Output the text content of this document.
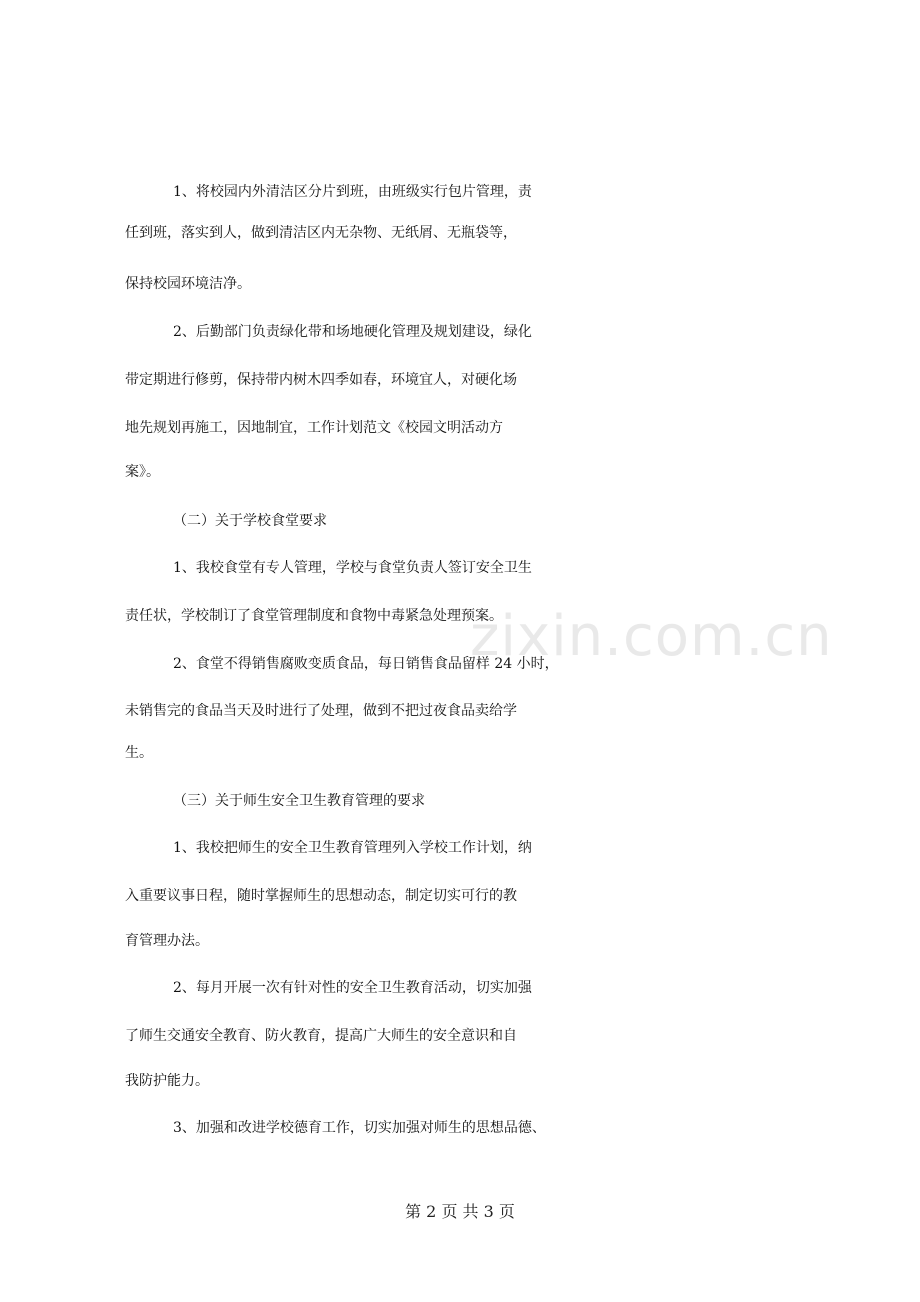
zixin.com.cn
1、将校园内外清洁区分片到班，由班级实行包片管理，责
任到班，落实到人，做到清洁区内无杂物、无纸屑、无瓶袋等，
保持校园环境洁净。
2、后勤部门负责绿化带和场地硬化管理及规划建设，绿化
带定期进行修剪，保持带内树木四季如春，环境宜人，对硬化场
地先规划再施工，因地制宜，工作计划范文《校园文明活动方
案》。
（二）关于学校食堂要求
1、我校食堂有专人管理，学校与食堂负责人签订安全卫生
责任状，学校制订了食堂管理制度和食物中毒紧急处理预案。
2、食堂不得销售腐败变质食品，每日销售食品留样 24 小时，
未销售完的食品当天及时进行了处理，做到不把过夜食品卖给学
生。
（三）关于师生安全卫生教育管理的要求
1、我校把师生的安全卫生教育管理列入学校工作计划，纳
入重要议事日程，随时掌握师生的思想动态，制定切实可行的教
育管理办法。
2、每月开展一次有针对性的安全卫生教育活动，切实加强
了师生交通安全教育、防火教育，提高广大师生的安全意识和自
我防护能力。
3、加强和改进学校德育工作，切实加强对师生的思想品德、
第 2 页 共 3 页
